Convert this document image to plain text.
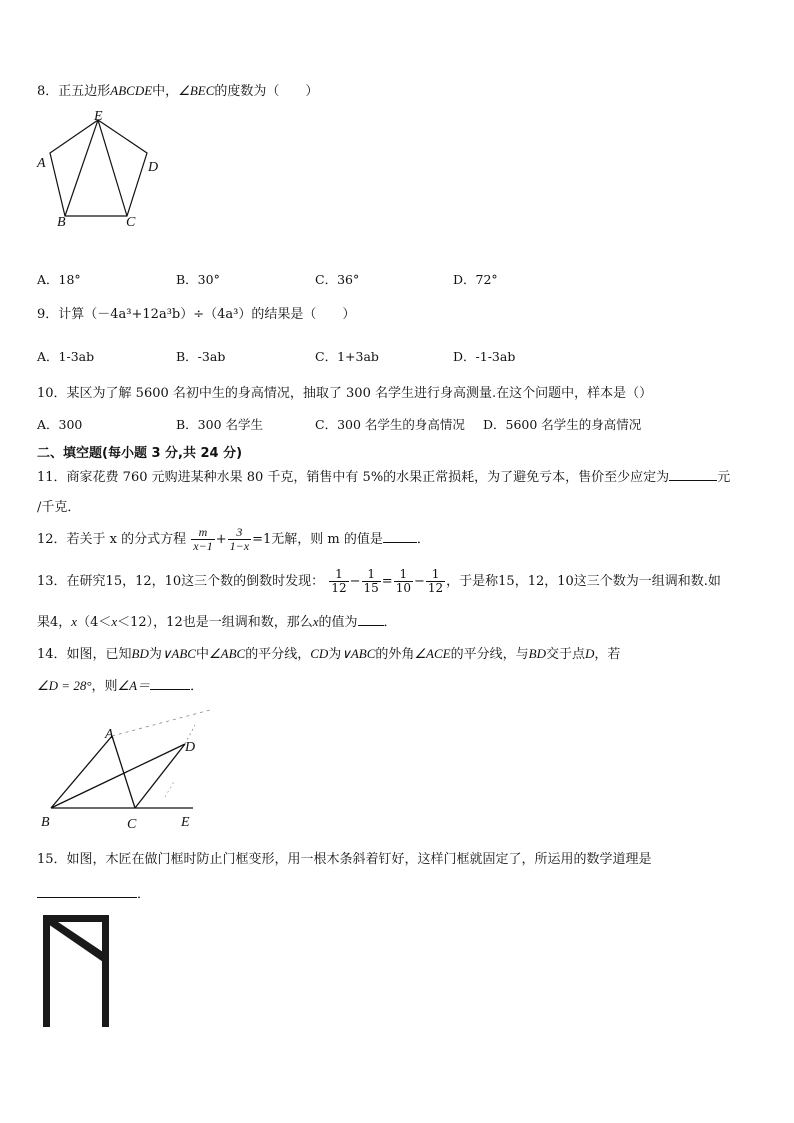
8．正五边形ABCDE中，∠BEC的度数为（　　）
E
A	D
B	C
A．18°	B．30°	C．36°	D．72°
9．计算（－4a³+12a³b）÷（4a³）的结果是（　　）
A．1-3ab	B．-3ab	C．1+3ab	D．-1-3ab
10．某区为了解 5600 名初中生的身高情况，抽取了 300 名学生进行身高测量.在这个问题中，样本是（）
A．300	B．300 名学生	C．300 名学生的身高情况 D．5600 名学生的身高情况
二、填空题(每小题 3 分,共 24 分)
11．商家花费 760 元购进某种水果 80 千克，销售中有 5%的水果正常损耗，为了避免亏本，售价至少应定为	元
/千克．
12．若关于 x 的分式方程 $\frac{m}{x-1} + \frac{3}{1-x} =1$无解，则 m 的值是	．
13．在研究15，12，10这三个数的倒数时发现： $\frac{1}{12} - \frac{1}{15} = \frac{1}{10} - \frac{1}{12}$ ，于是称15，12，10这三个数为一组调和数.如
果4，x（4＜x＜12），12也是一组调和数，那么x的值为 ．
14．如图，已知BD为∨ABC中∠ABC的平分线，CD为∨ABC的外角∠ACE的平分线，与BD交于点D，若
∠D = 28°，则∠A＝	．
A
D
B	C	E
15．如图，木匠在做门框时防止门框变形，用一根木条斜着钉好，这样门框就固定了，所运用的数学道理是
．
